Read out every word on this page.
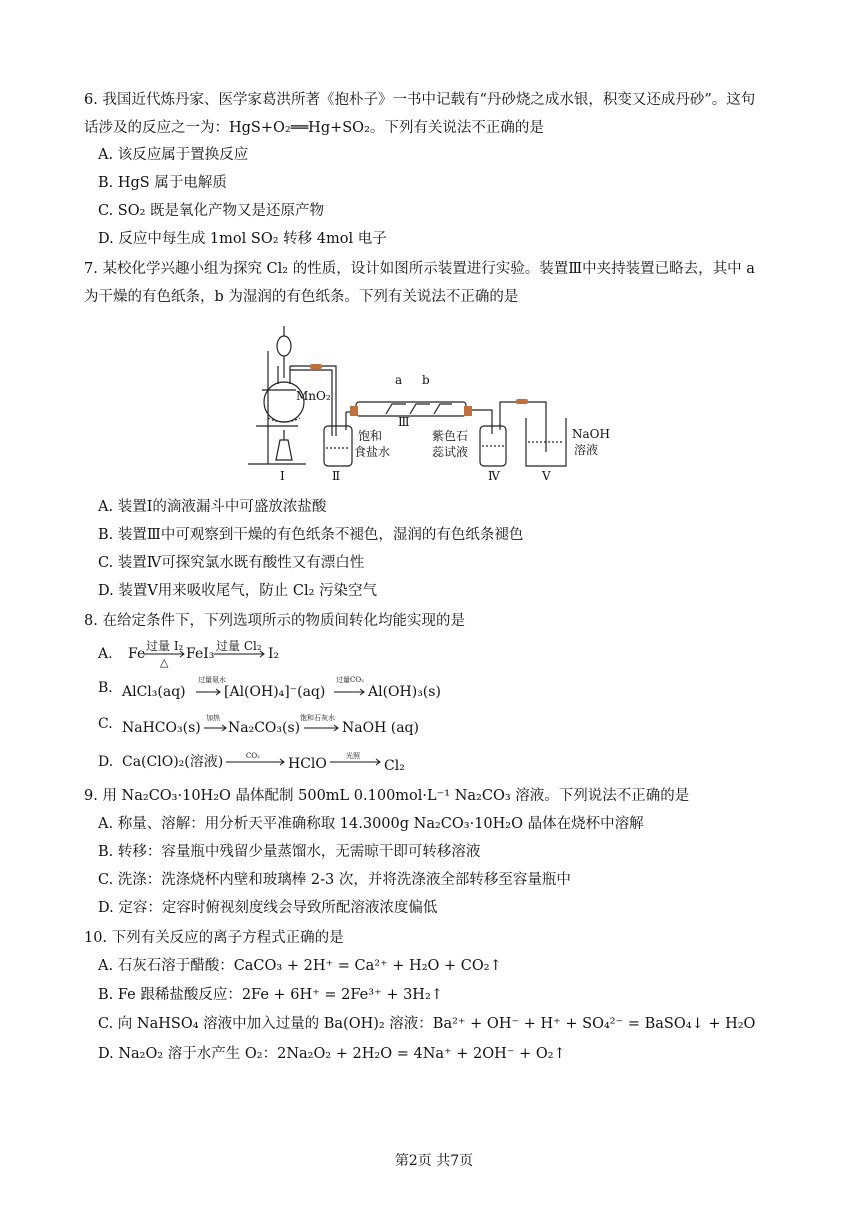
6. 我国近代炼丹家、医学家葛洪所著《抱朴子》一书中记载有“丹砂烧之成水银，积变又还成丹砂”。这句
话涉及的反应之一为：HgS+O₂══Hg+SO₂。下列有关说法不正确的是
A. 该反应属于置换反应
B. HgS 属于电解质
C. SO₂ 既是氧化产物又是还原产物
D. 反应中每生成 1mol SO₂ 转移 4mol 电子
7. 某校化学兴趣小组为探究 Cl₂ 的性质，设计如图所示装置进行实验。装置Ⅲ中夹持装置已略去，其中 a
为干燥的有色纸条，b 为湿润的有色纸条。下列有关说法不正确的是
MnO₂
a b
饱和
食盐水
紫色石
蕊试液
NaOH
溶液
Ⅰ	Ⅱ
Ⅲ
Ⅳ	Ⅴ
A. 装置Ⅰ的滴液漏斗中可盛放浓盐酸
B. 装置Ⅲ中可观察到干燥的有色纸条不褪色，湿润的有色纸条褪色
C. 装置Ⅳ可探究氯水既有酸性又有漂白性
D. 装置Ⅴ用来吸收尾气，防止 Cl₂ 污染空气
8. 在给定条件下，下列选项所示的物质间转化均能实现的是
A. Fe 过量 I₂
△
FeI₃ 过量 Cl₂ I₂
B. AlCl₃(aq)
过量氨水
[Al(OH)₄]⁻(aq)
过量CO₂
Al(OH)₃(s)
C. NaHCO₃(s)
加热
Na₂CO₃(s)
饱和石灰水
NaOH (aq)
D. Ca(ClO)₂(溶液)	CO₂ HClO	光照
Cl₂
9. 用 Na₂CO₃·10H₂O 晶体配制 500mL 0.100mol·L⁻¹ Na₂CO₃ 溶液。下列说法不正确的是
A. 称量、溶解：用分析天平准确称取 14.3000g Na₂CO₃·10H₂O 晶体在烧杯中溶解
B. 转移：容量瓶中残留少量蒸馏水，无需晾干即可转移溶液
C. 洗涤：洗涤烧杯内壁和玻璃棒 2-3 次，并将洗涤液全部转移至容量瓶中
D. 定容：定容时俯视刻度线会导致所配溶液浓度偏低
10. 下列有关反应的离子方程式正确的是
A. 石灰石溶于醋酸：CaCO₃ + 2H⁺ = Ca²⁺ + H₂O + CO₂↑
B. Fe 跟稀盐酸反应：2Fe + 6H⁺ = 2Fe³⁺ + 3H₂↑
C. 向 NaHSO₄ 溶液中加入过量的 Ba(OH)₂ 溶液：Ba²⁺ + OH⁻ + H⁺ + SO₄²⁻ = BaSO₄↓ + H₂O
D. Na₂O₂ 溶于水产生 O₂：2Na₂O₂ + 2H₂O = 4Na⁺ + 2OH⁻ + O₂↑
第2页 共7页
